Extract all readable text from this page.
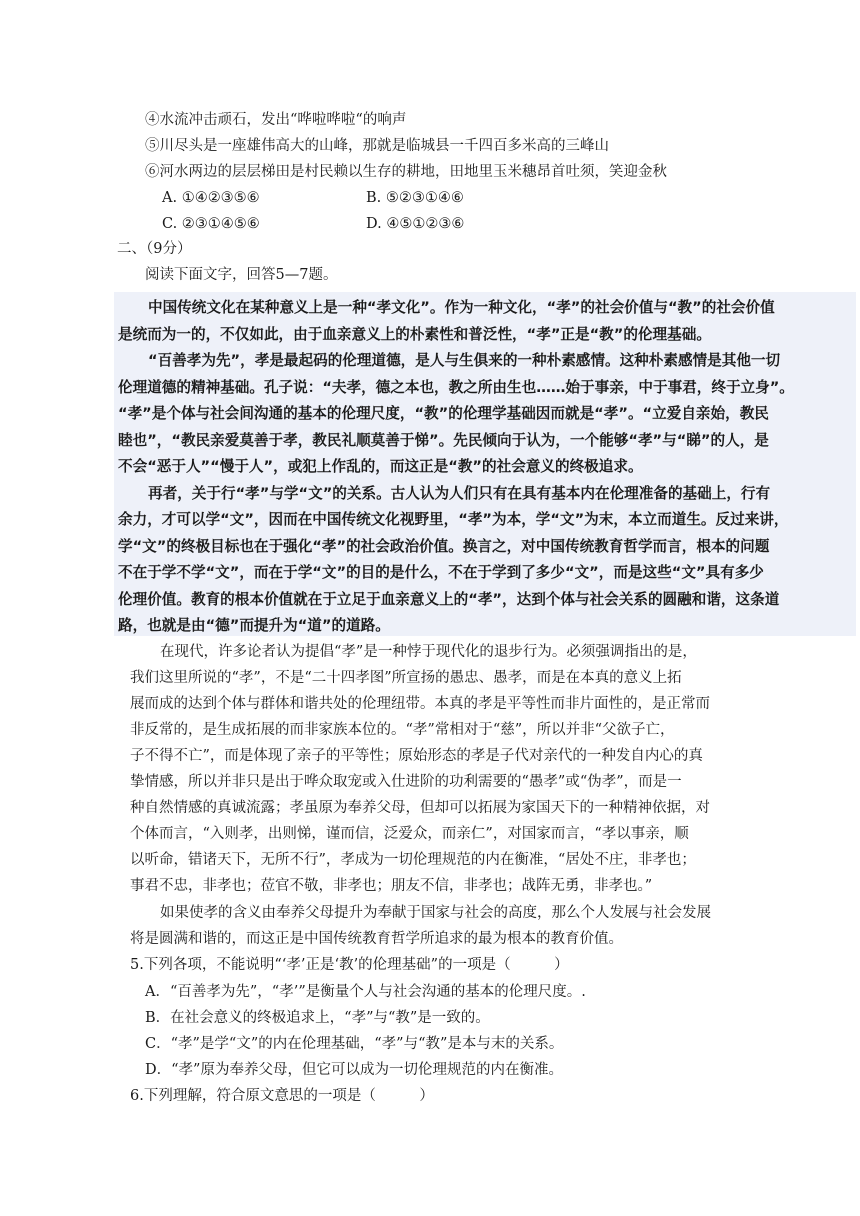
④水流冲击顽石，发出“哗啦哗啦“的响声
⑤川尽头是一座雄伟高大的山峰，那就是临城县一千四百多米高的三峰山
⑥河水两边的层层梯田是村民赖以生存的耕地，田地里玉米穗昂首吐须，笑迎金秋
A. ①④②③⑤⑥	B. ⑤②③①④⑥
C. ②③①④⑤⑥	D. ④⑤①②③⑥
二、（9分）
阅读下面文字，回答5—7题。
中国传统文化在某种意义上是一种“孝文化”。作为一种文化，“孝”的社会价值与“教”的社会价值
是统而为一的，不仅如此，由于血亲意义上的朴素性和普泛性，“孝”正是“教”的伦理基础。
“百善孝为先”，孝是最起码的伦理道德，是人与生俱来的一种朴素感情。这种朴素感情是其他一切
伦理道德的精神基础。孔子说：“夫孝，德之本也，教之所由生也……始于事亲，中于事君，终于立身”。
“孝”是个体与社会间沟通的基本的伦理尺度，“教”的伦理学基础因而就是“孝”。“立爱自亲始，教民
睦也”，“教民亲爱莫善于孝，教民礼顺莫善于悌”。先民倾向于认为，一个能够“孝”与“睇”的人，是
不会“恶于人”“慢于人”，或犯上作乱的，而这正是“教”的社会意义的终极追求。
再者，关于行“孝”与学“文”的关系。古人认为人们只有在具有基本内在伦理准备的基础上，行有
余力，才可以学“文”，因而在中国传统文化视野里，“孝”为本，学“文”为末，本立而道生。反过来讲，
学“文”的终极目标也在于强化“孝”的社会政治价值。换言之，对中国传统教育哲学而言，根本的问题
不在于学不学“文”，而在于学“文”的目的是什么，不在于学到了多少“文”，而是这些“文”具有多少
伦理价值。教育的根本价值就在于立足于血亲意义上的“孝”，达到个体与社会关系的圆融和谐，这条道
路，也就是由“德”而提升为“道”的道路。
在现代，许多论者认为提倡“孝”是一种悖于现代化的退步行为。必须强调指出的是，
我们这里所说的“孝”，不是“二十四孝图”所宣扬的愚忠、愚孝，而是在本真的意义上拓
展而成的达到个体与群体和谐共处的伦理纽带。本真的孝是平等性而非片面性的，是正常而
非反常的，是生成拓展的而非家族本位的。“孝”常相对于“慈”，所以并非“父欲子亡，
子不得不亡”，而是体现了亲子的平等性；原始形态的孝是子代对亲代的一种发自内心的真
挚情感，所以并非只是出于哗众取宠或入仕进阶的功利需要的“愚孝”或“伪孝”，而是一
种自然情感的真诚流露；孝虽原为奉养父母，但却可以拓展为家国天下的一种精神依据，对
个体而言，“入则孝，出则悌，谨而信，泛爱众，而亲仁”，对国家而言，“孝以事亲，顺
以听命，错诸天下，无所不行”，孝成为一切伦理规范的内在衡准，“居处不庄，非孝也；
事君不忠，非孝也；莅官不敬，非孝也；朋友不信，非孝也；战阵无勇，非孝也。”
如果使孝的含义由奉养父母提升为奉献于国家与社会的高度，那么个人发展与社会发展
将是圆满和谐的，而这正是中国传统教育哲学所追求的最为根本的教育价值。
5.下列各项，不能说明“‘孝’正是‘教’的伦理基础”的一项是（　　　）
A．“百善孝为先”，“孝’”是衡量个人与社会沟通的基本的伦理尺度。.
B．在社会意义的终极追求上，“孝”与“教”是一致的。
C．“孝”是学“文”的内在伦理基础，“孝”与“教”是本与末的关系。
D．“孝”原为奉养父母，但它可以成为一切伦理规范的内在衡准。
6.下列理解，符合原文意思的一项是（　　　）
